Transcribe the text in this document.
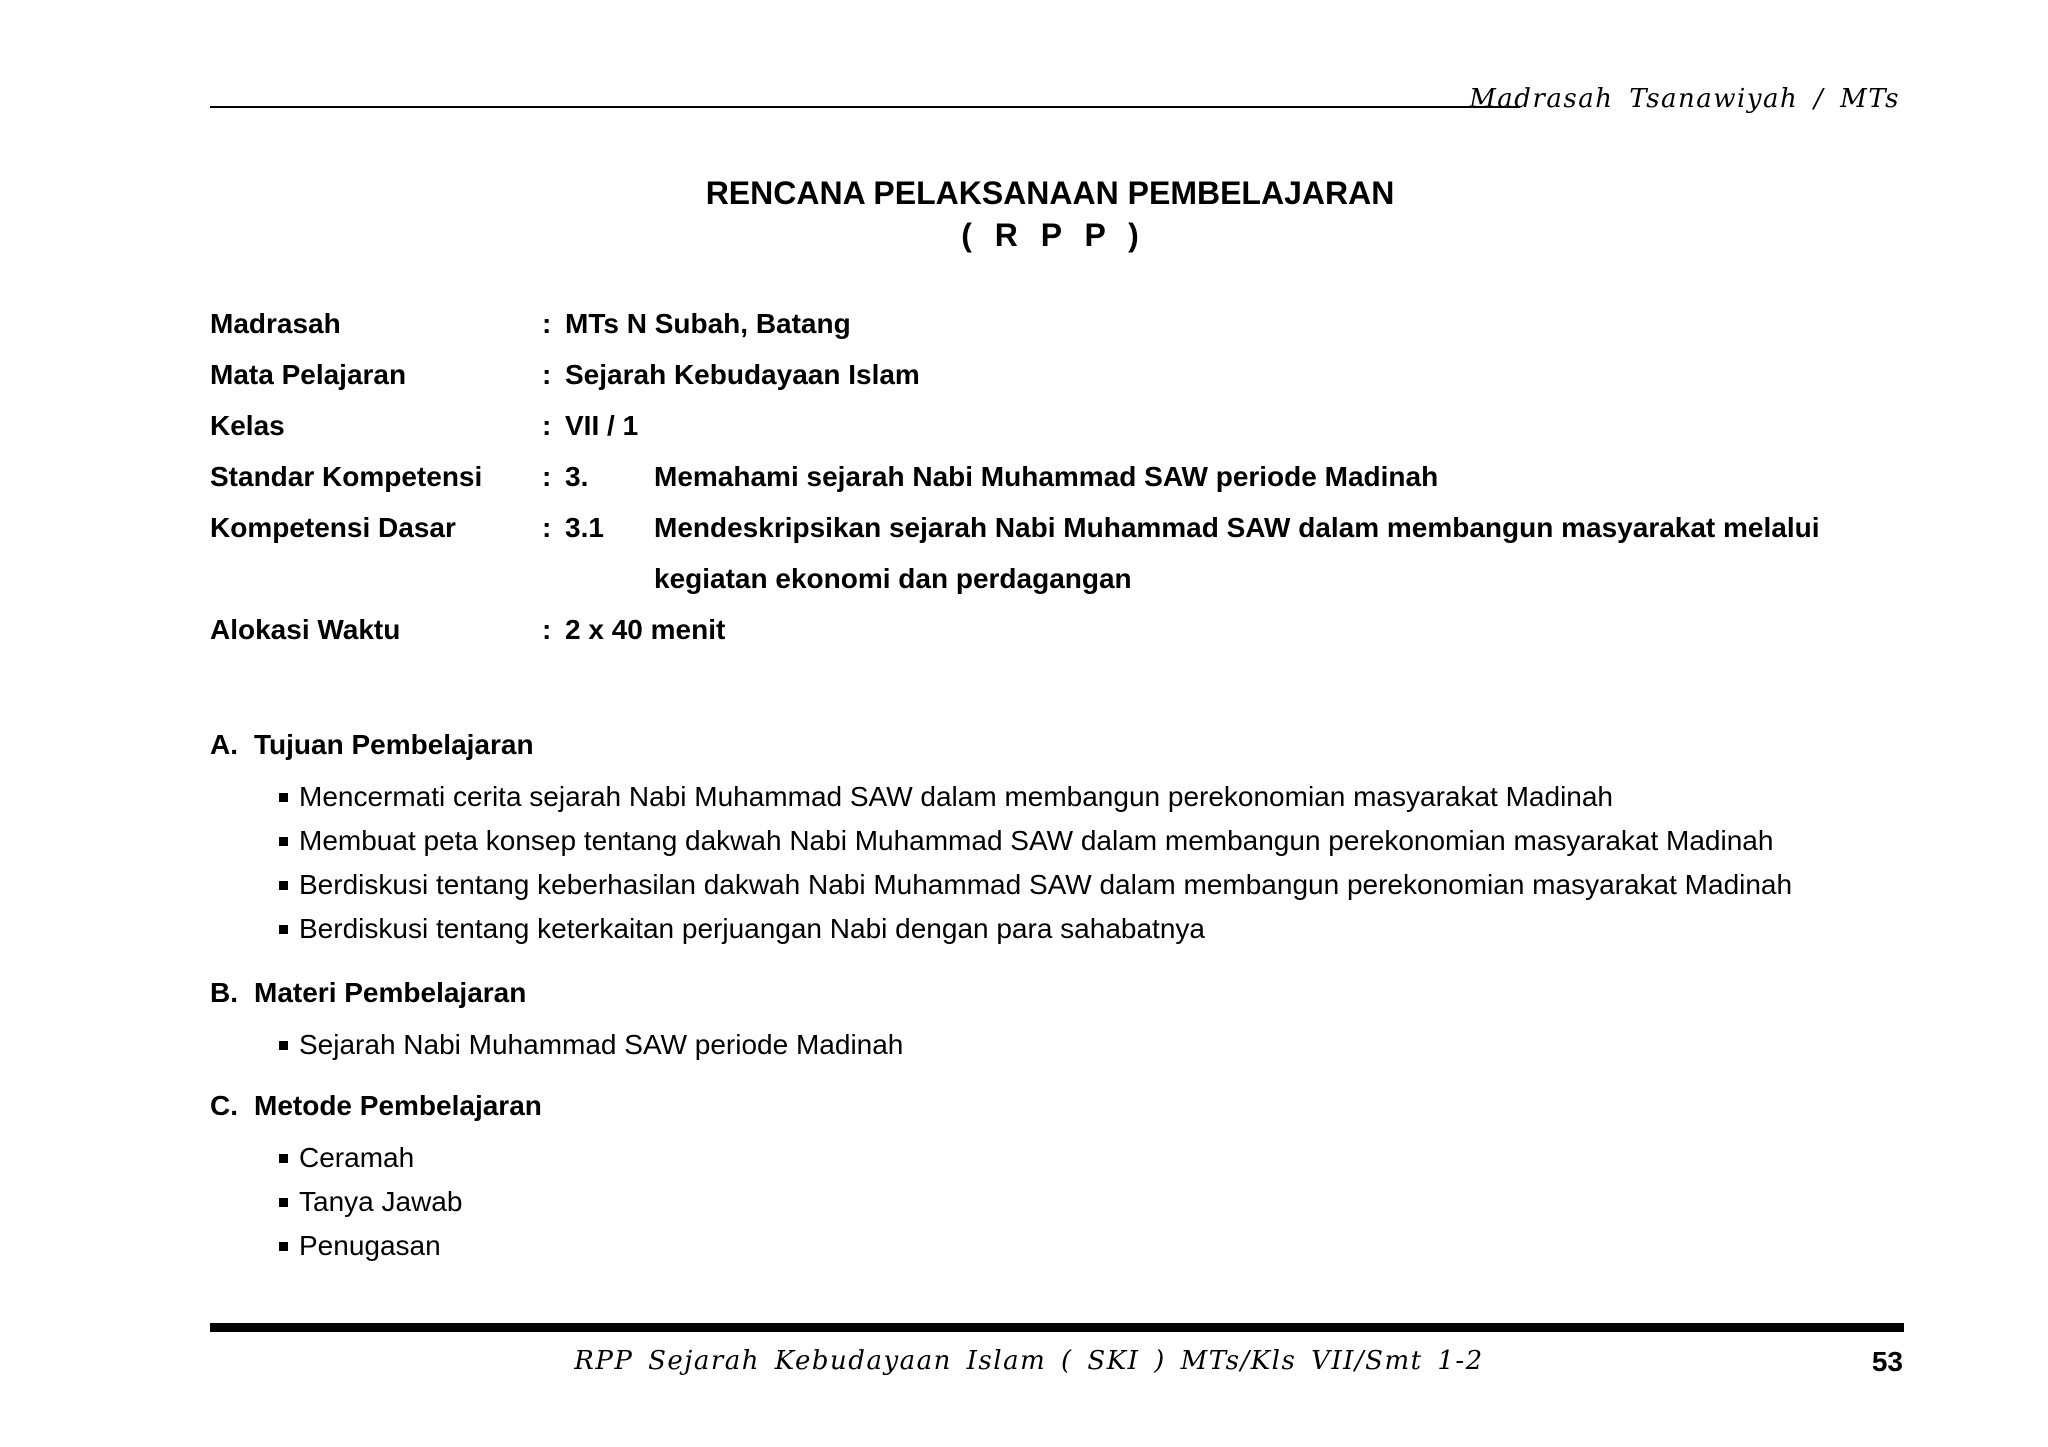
Madrasah Tsanawiyah / MTs
RENCANA PELAKSANAAN PEMBELAJARAN
( R P P )
Madrasah	: MTs N Subah, Batang
Mata Pelajaran	: Sejarah Kebudayaan Islam
Kelas	: VII / 1
Standar Kompetensi : 3. Memahami sejarah Nabi Muhammad SAW periode Madinah
Kompetensi Dasar	: 3.1 Mendeskripsikan sejarah Nabi Muhammad SAW dalam membangun masyarakat melalui
kegiatan ekonomi dan perdagangan
Alokasi Waktu	: 2 x 40 menit
A. Tujuan Pembelajaran
Mencermati cerita sejarah Nabi Muhammad SAW dalam membangun perekonomian masyarakat Madinah
Membuat peta konsep tentang dakwah Nabi Muhammad SAW dalam membangun perekonomian masyarakat Madinah
Berdiskusi tentang keberhasilan dakwah Nabi Muhammad SAW dalam membangun perekonomian masyarakat Madinah
Berdiskusi tentang keterkaitan perjuangan Nabi dengan para sahabatnya
B. Materi Pembelajaran
Sejarah Nabi Muhammad SAW periode Madinah
C. Metode Pembelajaran
Ceramah
Tanya Jawab
Penugasan
RPP Sejarah Kebudayaan Islam ( SKI ) MTs/Kls VII/Smt 1-2	53
